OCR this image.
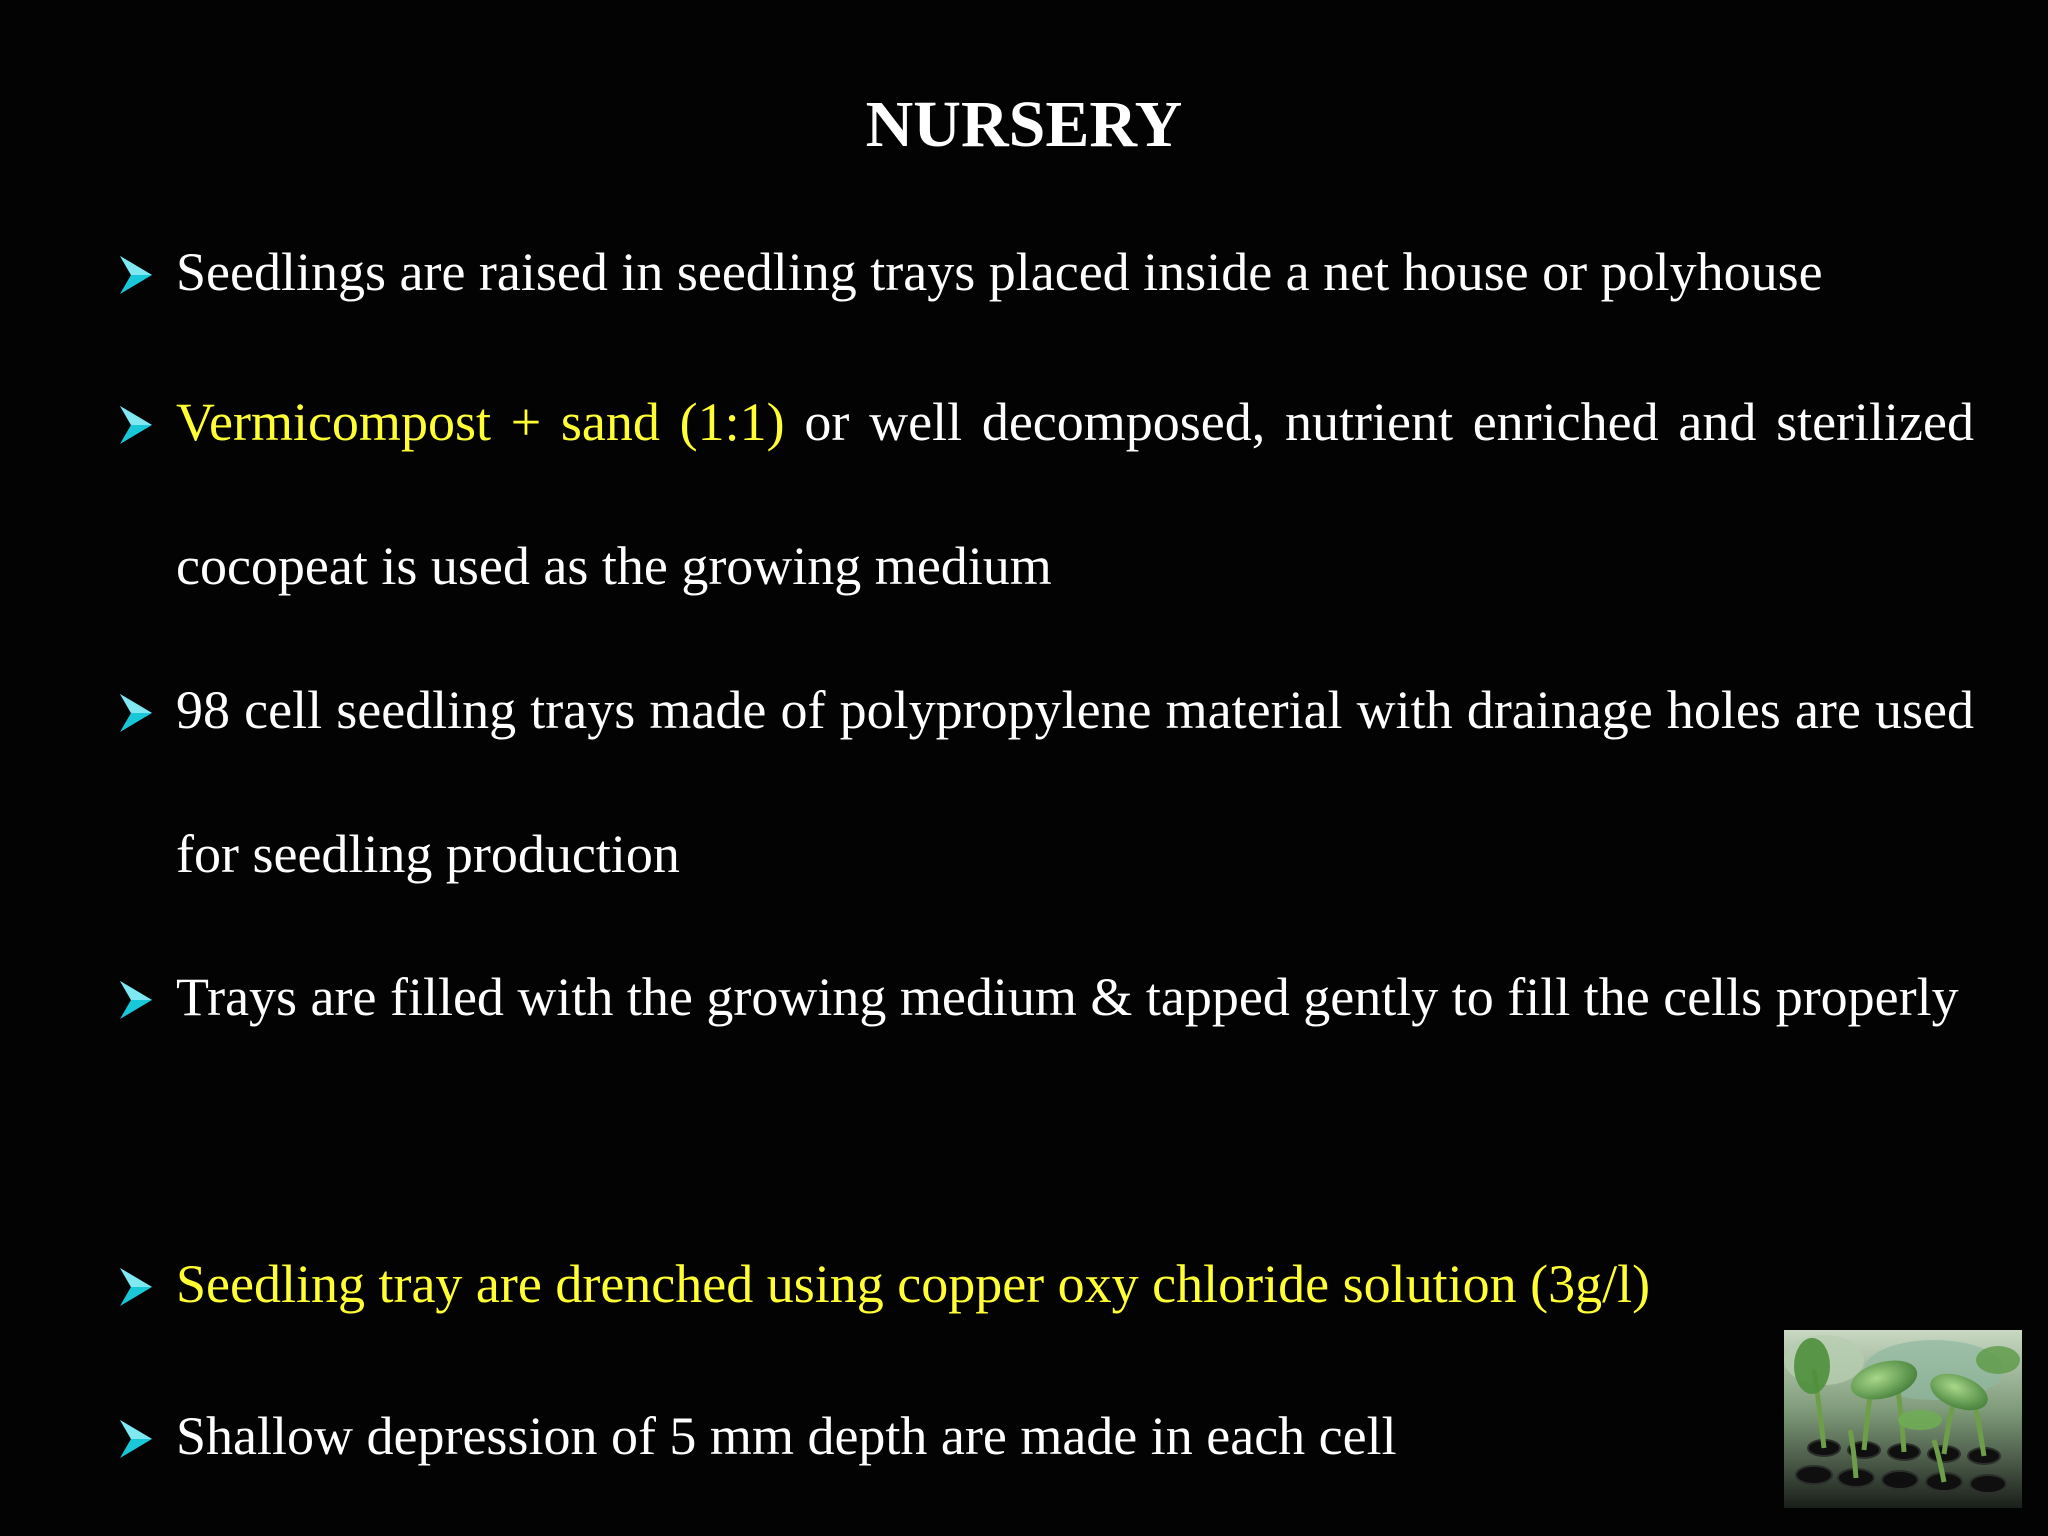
NURSERY
Seedlings are raised in seedling trays placed inside a net house or polyhouse
Vermicompost + sand (1:1) or well decomposed, nutrient enriched and sterilized cocopeat is used as the growing medium
98 cell seedling trays made of polypropylene material with drainage holes are used for seedling production
Trays are filled with the growing medium & tapped gently to fill the cells properly
Seedling tray are drenched using copper oxy chloride solution (3g/l)
Shallow depression of 5 mm depth are made in each cell
